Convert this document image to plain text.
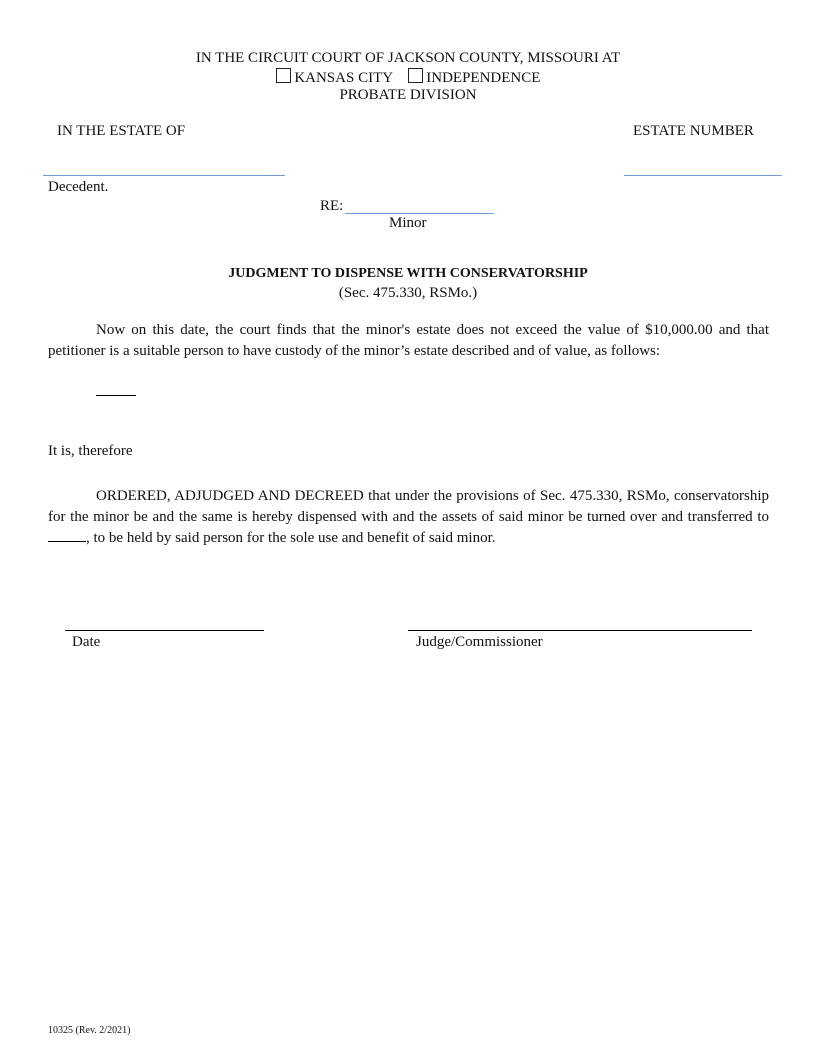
IN THE CIRCUIT COURT OF JACKSON COUNTY, MISSOURI AT
KANSAS CITY INDEPENDENCE
PROBATE DIVISION
IN THE ESTATE OF	ESTATE NUMBER
Decedent.
RE:
Minor
JUDGMENT TO DISPENSE WITH CONSERVATORSHIP
(Sec. 475.330, RSMo.)
Now on this date, the court finds that the minor's estate does not exceed the value of $10,000.00 and that petitioner is a suitable person to have custody of the minor’s estate described and of value, as follows:
It is, therefore
ORDERED, ADJUDGED AND DECREED that under the provisions of Sec. 475.330, RSMo, conservatorship for the minor be and the same is hereby dispensed with and the assets of said minor be turned over and transferred to , to be held by said person for the sole use and benefit of said minor.
Date	Judge/Commissioner
10325 (Rev. 2/2021)
